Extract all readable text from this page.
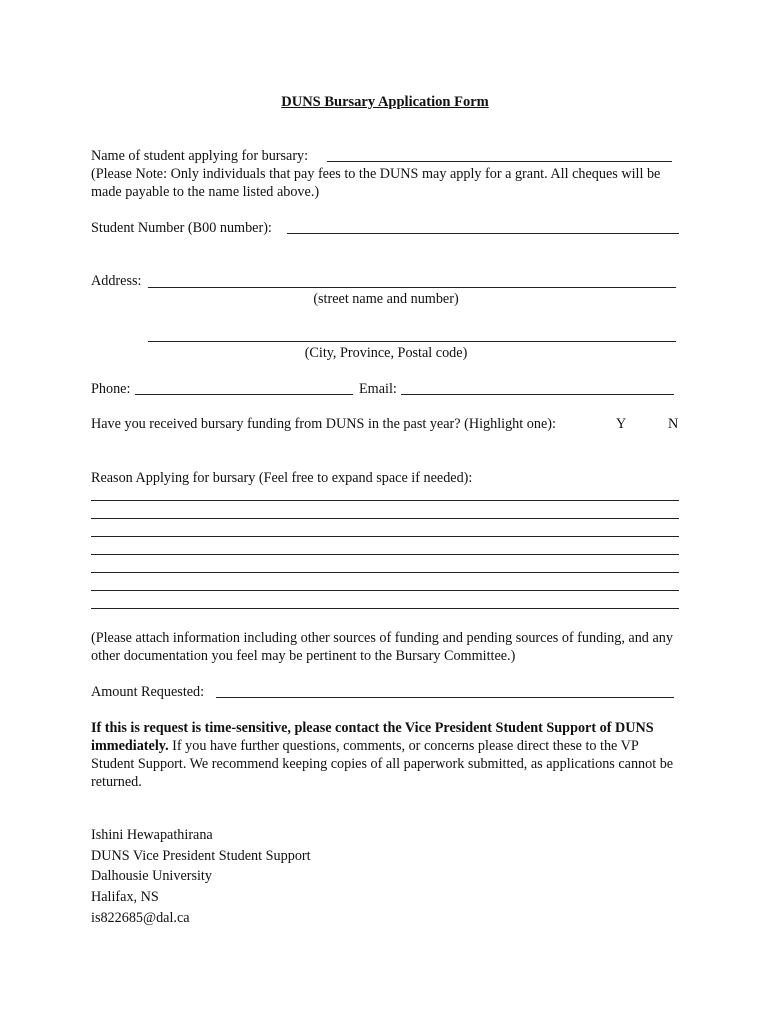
DUNS Bursary Application Form
Name of student applying for bursary:
(Please Note: Only individuals that pay fees to the DUNS may apply for a grant. All cheques will be made payable to the name listed above.)
Student Number (B00 number):
Address:
(street name and number)
(City, Province, Postal code)
Phone:	Email:
Have you received bursary funding from DUNS in the past year? (Highlight one):	Y	N
Reason Applying for bursary (Feel free to expand space if needed):
(Please attach information including other sources of funding and pending sources of funding, and any other documentation you feel may be pertinent to the Bursary Committee.)
Amount Requested:
If this is request is time-sensitive, please contact the Vice President Student Support of DUNS immediately. If you have further questions, comments, or concerns please direct these to the VP Student Support. We recommend keeping copies of all paperwork submitted, as applications cannot be returned.
Ishini Hewapathirana
DUNS Vice President Student Support
Dalhousie University
Halifax, NS
is822685@dal.ca
